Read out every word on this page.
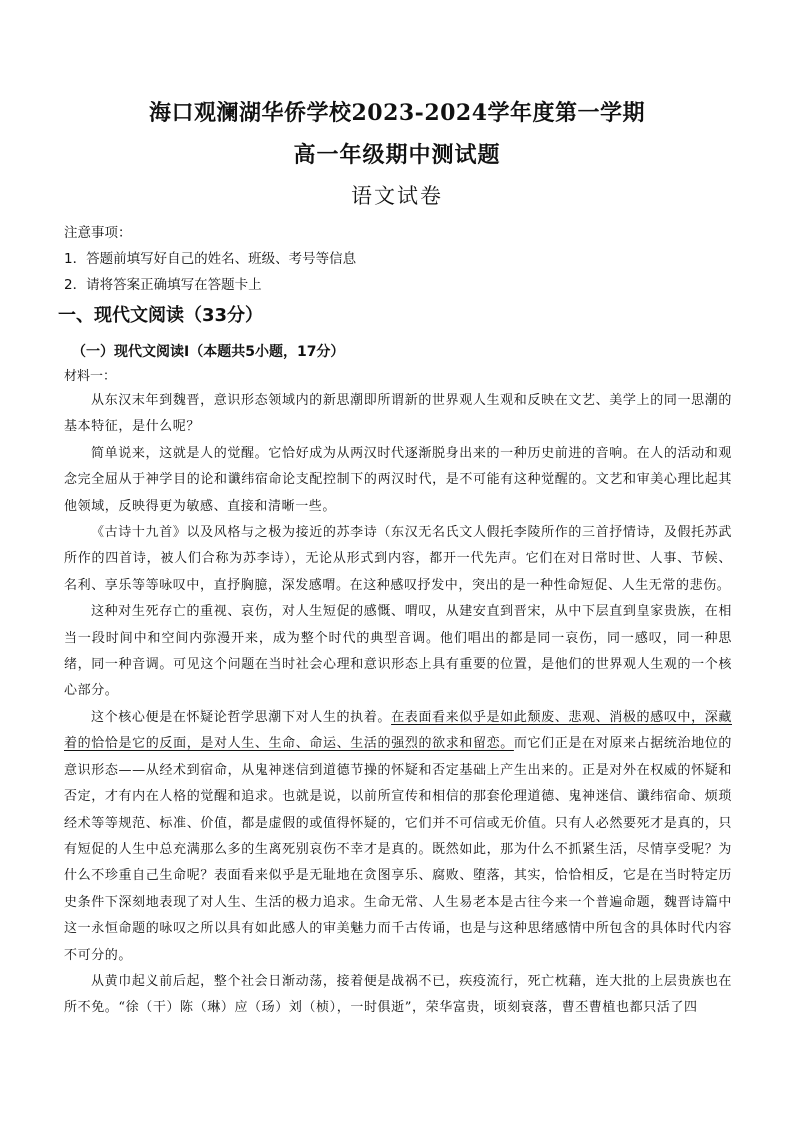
海口观澜湖华侨学校2023-2024学年度第一学期
高一年级期中测试题
语文试卷

注意事项：

1．答题前填写好自己的姓名、班级、考号等信息

2．请将答案正确填写在答题卡上

一、现代文阅读（33分）

（一）现代文阅读Ⅰ（本题共5小题，17分）

材料一：

从东汉末年到魏晋，意识形态领域内的新思潮即所谓新的世界观人生观和反映在文艺、美学上的同一思潮的基本特征，是什么呢？

简单说来，这就是人的觉醒。它恰好成为从两汉时代逐渐脱身出来的一种历史前进的音响。在人的活动和观念完全屈从于神学目的论和谶纬宿命论支配控制下的两汉时代，是不可能有这种觉醒的。文艺和审美心理比起其他领域，反映得更为敏感、直接和清晰一些。

《古诗十九首》以及风格与之极为接近的苏李诗（东汉无名氏文人假托李陵所作的三首抒情诗，及假托苏武所作的四首诗，被人们合称为苏李诗），无论从形式到内容，都开一代先声。它们在对日常时世、人事、节候、名利、享乐等等咏叹中，直抒胸臆，深发感喟。在这种感叹抒发中，突出的是一种性命短促、人生无常的悲伤。

这种对生死存亡的重视、哀伤，对人生短促的感慨、喟叹，从建安直到晋宋，从中下层直到皇家贵族，在相当一段时间中和空间内弥漫开来，成为整个时代的典型音调。他们唱出的都是同一哀伤，同一感叹，同一种思绪，同一种音调。可见这个问题在当时社会心理和意识形态上具有重要的位置，是他们的世界观人生观的一个核心部分。

这个核心便是在怀疑论哲学思潮下对人生的执着。在表面看来似乎是如此颓废、悲观、消极的感叹中，深藏着的恰恰是它的反面，是对人生、生命、命运、生活的强烈的欲求和留恋。而它们正是在对原来占据统治地位的意识形态——从经术到宿命，从鬼神迷信到道德节操的怀疑和否定基础上产生出来的。正是对外在权威的怀疑和否定，才有内在人格的觉醒和追求。也就是说，以前所宣传和相信的那套伦理道德、鬼神迷信、谶纬宿命、烦琐经术等等规范、标准、价值，都是虚假的或值得怀疑的，它们并不可信或无价值。只有人必然要死才是真的，只有短促的人生中总充满那么多的生离死别哀伤不幸才是真的。既然如此，那为什么不抓紧生活，尽情享受呢？为什么不珍重自己生命呢？表面看来似乎是无耻地在贪图享乐、腐败、堕落，其实，恰恰相反，它是在当时特定历史条件下深刻地表现了对人生、生活的极力追求。生命无常、人生易老本是古往今来一个普遍命题，魏晋诗篇中这一永恒命题的咏叹之所以具有如此感人的审美魅力而千古传诵，也是与这种思绪感情中所包含的具体时代内容不可分的。

从黄巾起义前后起，整个社会日渐动荡，接着便是战祸不已，疾疫流行，死亡枕藉，连大批的上层贵族也在所不免。“徐（干）陈（琳）应（玚）刘（桢），一时俱逝”，荣华富贵，顷刻衰落，曹丕曹植也都只活了四
